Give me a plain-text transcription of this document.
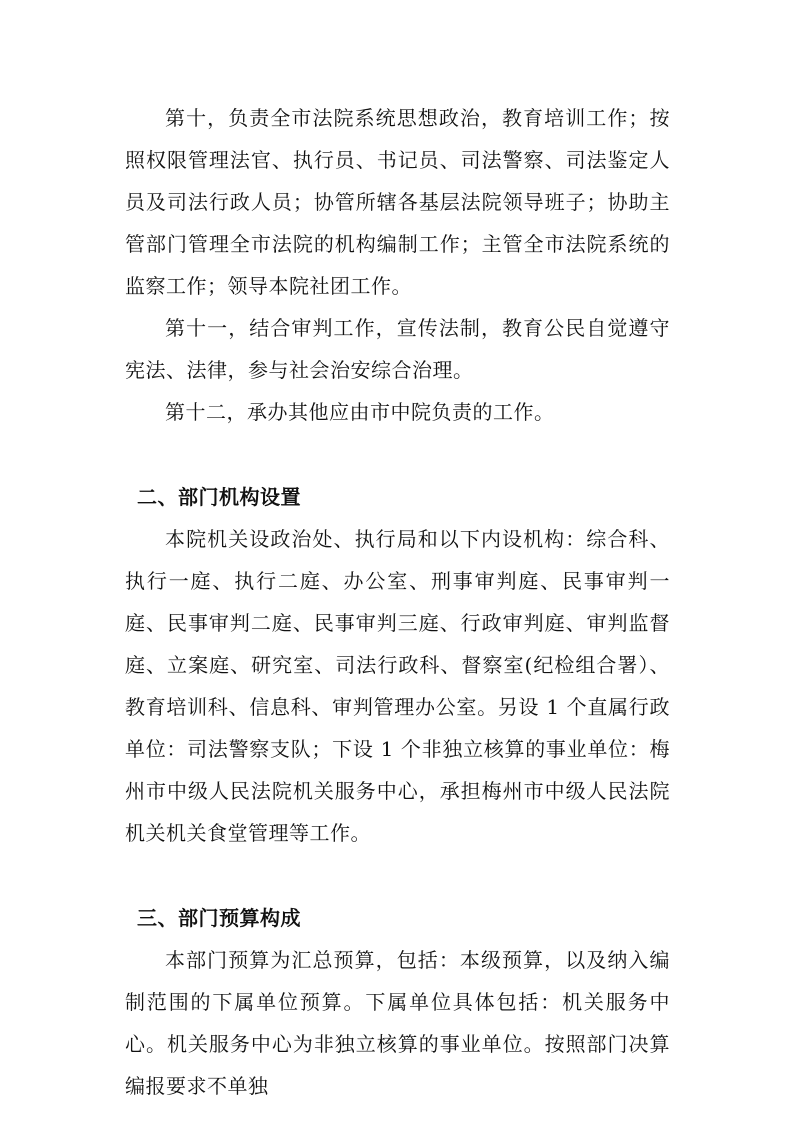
第十，负责全市法院系统思想政治，教育培训工作；按照权限管理法官、执行员、书记员、司法警察、司法鉴定人员及司法行政人员；协管所辖各基层法院领导班子；协助主管部门管理全市法院的机构编制工作；主管全市法院系统的监察工作；领导本院社团工作。

第十一，结合审判工作，宣传法制，教育公民自觉遵守宪法、法律，参与社会治安综合治理。

第十二，承办其他应由市中院负责的工作。

二、部门机构设置

本院机关设政治处、执行局和以下内设机构：综合科、执行一庭、执行二庭、办公室、刑事审判庭、民事审判一庭、民事审判二庭、民事审判三庭、行政审判庭、审判监督庭、立案庭、研究室、司法行政科、督察室(纪检组合署）、教育培训科、信息科、审判管理办公室。另设 1 个直属行政单位：司法警察支队；下设 1 个非独立核算的事业单位：梅州市中级人民法院机关服务中心，承担梅州市中级人民法院机关机关食堂管理等工作。

三、部门预算构成

本部门预算为汇总预算，包括：本级预算，以及纳入编制范围的下属单位预算。下属单位具体包括：机关服务中心。机关服务中心为非独立核算的事业单位。按照部门决算编报要求不单独
